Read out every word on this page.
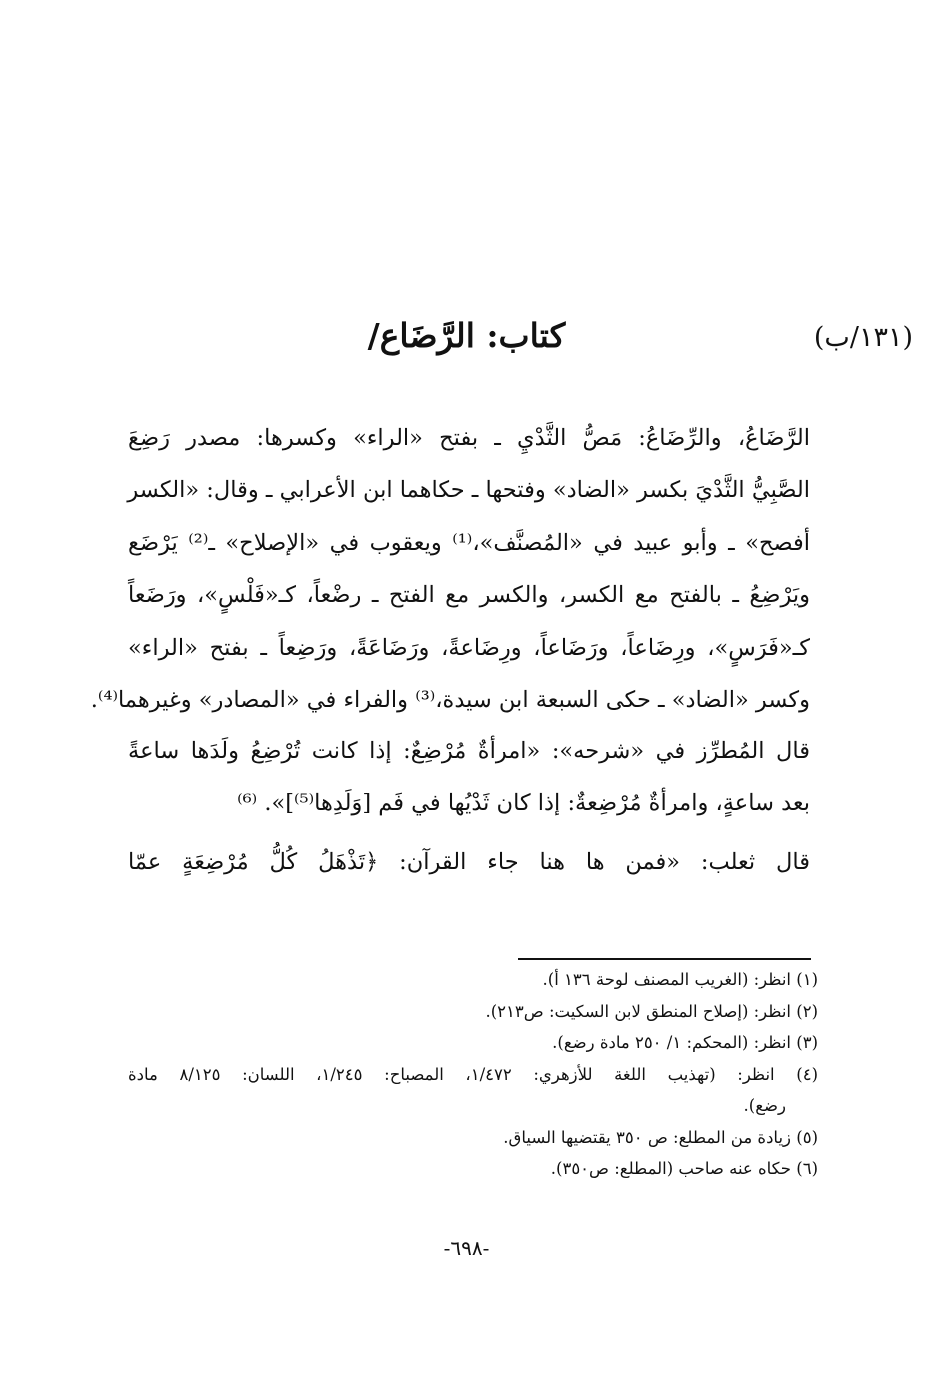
(١٣١/ب)
كتاب: الرَّضَاع/
الرَّضَاعُ، والرِّضَاعُ: مَصُّ الثَّدْيِ ـ بفتح «الراء» وكسرها: مصدر رَضِعَ
الصَّبِيُّ الثَّدْيَ بكسر «الضاد» وفتحها ـ حكاهما ابن الأعرابي ـ وقال: «الكسر
أفصح» ـ وأبو عبيد في «المُصنَّف»،⁽¹⁾ ويعقوب في «الإصلاح» ـ⁽²⁾ يَرْضَع
ويَرْضِعُ ـ بالفتح مع الكسر، والكسر مع الفتح ـ رضْعاً، كـ«فَلْسٍ»، ورَضَعاً
كـ«فَرَسٍ»، ورِضَاعاً، ورَضَاعاً، ورِضَاعةً، ورَضَاعَةً، ورَضِعاً ـ بفتح «الراء»
وكسر «الضاد» ـ حكى السبعة ابن سيدة،⁽³⁾ والفراء في «المصادر» وغيرهما⁽⁴⁾.
قال المُطرِّز في «شرحه»: «امرأةٌ مُرْضِعٌ: إذا كانت تُرْضِعُ ولَدَها ساعةً
بعد ساعةٍ، وامرأةٌ مُرْضِعةٌ: إذا كان ثَدْيُها في فَم [وَلَدِها⁽⁵⁾]». ⁽⁶⁾
قال ثعلب: «فمن ها هنا جاء القرآن: ﴿تَذْهَلُ كُلُّ مُرْضِعَةٍ عمّا
(١) انظر: (الغريب المصنف لوحة ١٣٦ أ).
(٢) انظر: (إصلاح المنطق لابن السكيت: ص٢١٣).
(٣) انظر: (المحكم: ١/ ٢٥٠ مادة رضع).
(٤) انظر: (تهذيب اللغة للأزهري: ١/٤٧٢، المصباح: ١/٢٤٥، اللسان: ٨/١٢٥ مادة
رضع).
(٥) زيادة من المطلع: ص ٣٥٠ يقتضيها السياق.
(٦) حكاه عنه صاحب (المطلع: ص٣٥٠).
-٦٩٨-
